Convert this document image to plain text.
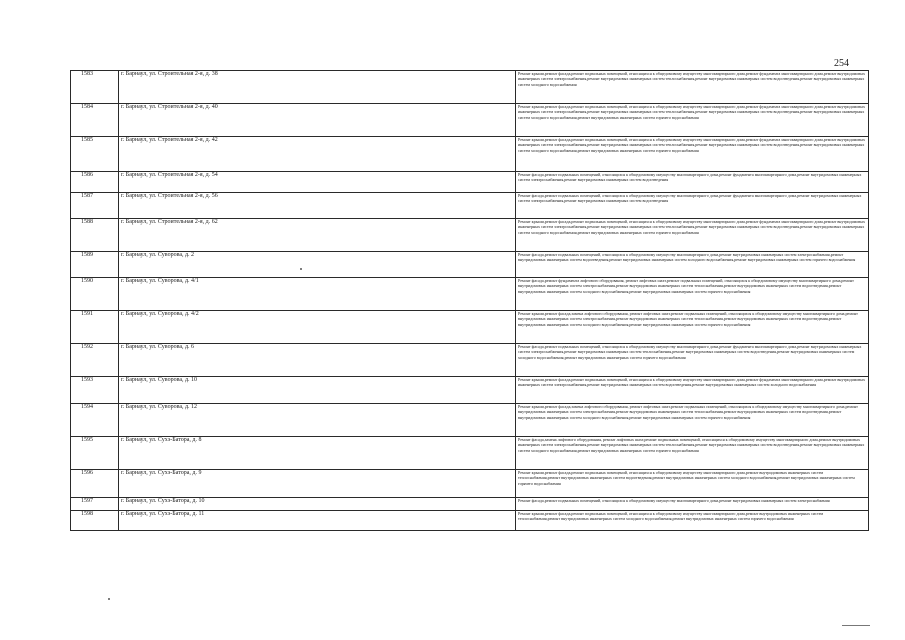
254
1583	г. Барнаул, ул. Строительная 2-я, д. 38	Ремонт крыши,ремонт фасада,ремонт подвальных помещений, относящихся к общедомовому имуществу многоквартирного дома,ремонт фундамента многоквартирного дома,ремонт внутридомовых инженерных систем электроснабжения,ремонт внутридомовых инженерных систем теплоснабжения,ремонт внутридомовых инженерных систем водоотведения,ремонт внутридомовых инженерных систем холодного водоснабжения
1584	г. Барнаул, ул. Строительная 2-я, д. 40	Ремонт крыши,ремонт фасада,ремонт подвальных помещений, относящихся к общедомовому имуществу многоквартирного дома,ремонт фундамента многоквартирного дома,ремонт внутридомовых инженерных систем электроснабжения,ремонт внутридомовых инженерных систем теплоснабжения,ремонт внутридомовых инженерных систем водоотведения,ремонт внутридомовых инженерных систем холодного водоснабжения,ремонт внутридомовых инженерных систем горячего водоснабжения
1585	г. Барнаул, ул. Строительная 2-я, д. 42	Ремонт крыши,ремонт фасада,ремонт подвальных помещений, относящихся к общедомовому имуществу многоквартирного дома,ремонт фундамента многоквартирного дома,ремонт внутридомовых инженерных систем электроснабжения,ремонт внутридомовых инженерных систем теплоснабжения,ремонт внутридомовых инженерных систем водоотведения,ремонт внутридомовых инженерных систем холодного водоснабжения,ремонт внутридомовых инженерных систем горячего водоснабжения
1586	г. Барнаул, ул. Строительная 2-я, д. 54	Ремонт фасада,ремонт подвальных помещений, относящихся к общедомовому имуществу многоквартирного дома,ремонт фундамента многоквартирного дома,ремонт внутридомовых инженерных систем электроснабжения,ремонт внутридомовых инженерных систем водоотведения
1587	г. Барнаул, ул. Строительная 2-я, д. 56	Ремонт фасада,ремонт подвальных помещений, относящихся к общедомовому имуществу многоквартирного дома,ремонт фундамента многоквартирного дома,ремонт внутридомовых инженерных систем электроснабжения,ремонт внутридомовых инженерных систем водоотведения
1588	г. Барнаул, ул. Строительная 2-я, д. 62	Ремонт крыши,ремонт фасада,ремонт подвальных помещений, относящихся к общедомовому имуществу многоквартирного дома,ремонт фундамента многоквартирного дома,ремонт внутридомовых инженерных систем электроснабжения,ремонт внутридомовых инженерных систем теплоснабжения,ремонт внутридомовых инженерных систем водоотведения,ремонт внутридомовых инженерных систем холодного водоснабжения,ремонт внутридомовых инженерных систем горячего водоснабжения
1589	г. Барнаул, ул. Суворова, д. 2	Ремонт фасада,ремонт подвальных помещений, относящихся к общедомовому имуществу многоквартирного дома,ремонт внутридомовых инженерных систем электроснабжения,ремонт внутридомовых инженерных систем водоотведения,ремонт внутридомовых инженерных систем холодного водоснабжения,ремонт внутридомовых инженерных систем горячего водоснабжения
1590	г. Барнаул, ул. Суворова, д. 4/1	Ремонт фасада,ремонт фундамента лифтового оборудования, ремонт лифтовых шахт,ремонт подвальных помещений, относящихся к общедомовому имуществу многоквартирного дома,ремонт внутридомовых инженерных систем электроснабжения,ремонт внутридомовых инженерных систем теплоснабжения,ремонт внутридомовых инженерных систем водоотведения,ремонт внутридомовых инженерных систем холодного водоснабжения,ремонт внутридомовых инженерных систем горячего водоснабжения
1591	г. Барнаул, ул. Суворова, д. 4/2	Ремонт крыши,ремонт фасада,замена лифтового оборудования, ремонт лифтовых шахт,ремонт подвальных помещений, относящихся к общедомовому имуществу многоквартирного дома,ремонт внутридомовых инженерных систем электроснабжения,ремонт внутридомовых инженерных систем теплоснабжения,ремонт внутридомовых инженерных систем водоотведения,ремонт внутридомовых инженерных систем холодного водоснабжения,ремонт внутридомовых инженерных систем горячего водоснабжения
1592	г. Барнаул, ул. Суворова, д. 6	Ремонт фасада,ремонт подвальных помещений, относящихся к общедомовому имуществу многоквартирного дома,ремонт фундамента многоквартирного дома,ремонт внутридомовых инженерных систем электроснабжения,ремонт внутридомовых инженерных систем теплоснабжения,ремонт внутридомовых инженерных систем водоотведения,ремонт внутридомовых инженерных систем холодного водоснабжения,ремонт внутридомовых инженерных систем горячего водоснабжения
1593	г. Барнаул, ул. Суворова, д. 10	Ремонт крыши,ремонт фасада,ремонт подвальных помещений, относящихся к общедомовому имуществу многоквартирного дома,ремонт фундамента многоквартирного дома,ремонт внутридомовых инженерных систем электроснабжения,ремонт внутридомовых инженерных систем водоотведения,ремонт внутридомовых инженерных систем холодного водоснабжения
1594	г. Барнаул, ул. Суворова, д. 12	Ремонт крыши,ремонт фасада,замена лифтового оборудования, ремонт лифтовых шахт,ремонт подвальных помещений, относящихся к общедомовому имуществу многоквартирного дома,ремонт внутридомовых инженерных систем электроснабжения,ремонт внутридомовых инженерных систем теплоснабжения,ремонт внутридомовых инженерных систем водоотведения,ремонт внутридомовых инженерных систем холодного водоснабжения,ремонт внутридомовых инженерных систем горячего водоснабжения
1595	г. Барнаул, ул. Сухэ-Батора, д. 8	Ремонт фасада,замена лифтового оборудования, ремонт лифтовых шахт,ремонт подвальных помещений, относящихся к общедомовому имуществу многоквартирного дома,ремонт внутридомовых инженерных систем электроснабжения,ремонт внутридомовых инженерных систем теплоснабжения,ремонт внутридомовых инженерных систем водоотведения,ремонт внутридомовых инженерных систем холодного водоснабжения,ремонт внутридомовых инженерных систем горячего водоснабжения
1596	г. Барнаул, ул. Сухэ-Батора, д. 9	Ремонт крыши,ремонт фасада,ремонт подвальных помещений, относящихся к общедомовому имуществу многоквартирного дома,ремонт внутридомовых инженерных систем теплоснабжения,ремонт внутридомовых инженерных систем водоотведения,ремонт внутридомовых инженерных систем холодного водоснабжения,ремонт внутридомовых инженерных систем горячего водоснабжения
1597	г. Барнаул, ул. Сухэ-Батора, д. 10	Ремонт фасада,ремонт подвальных помещений, относящихся к общедомовому имуществу многоквартирного дома,ремонт внутридомовых инженерных систем электроснабжения
1598	г. Барнаул, ул. Сухэ-Батора, д. 11	Ремонт крыши,ремонт фасада,ремонт подвальных помещений, относящихся к общедомовому имуществу многоквартирного дома,ремонт внутридомовых инженерных систем теплоснабжения,ремонт внутридомовых инженерных систем холодного водоснабжения,ремонт внутридомовых инженерных систем горячего водоснабжения
